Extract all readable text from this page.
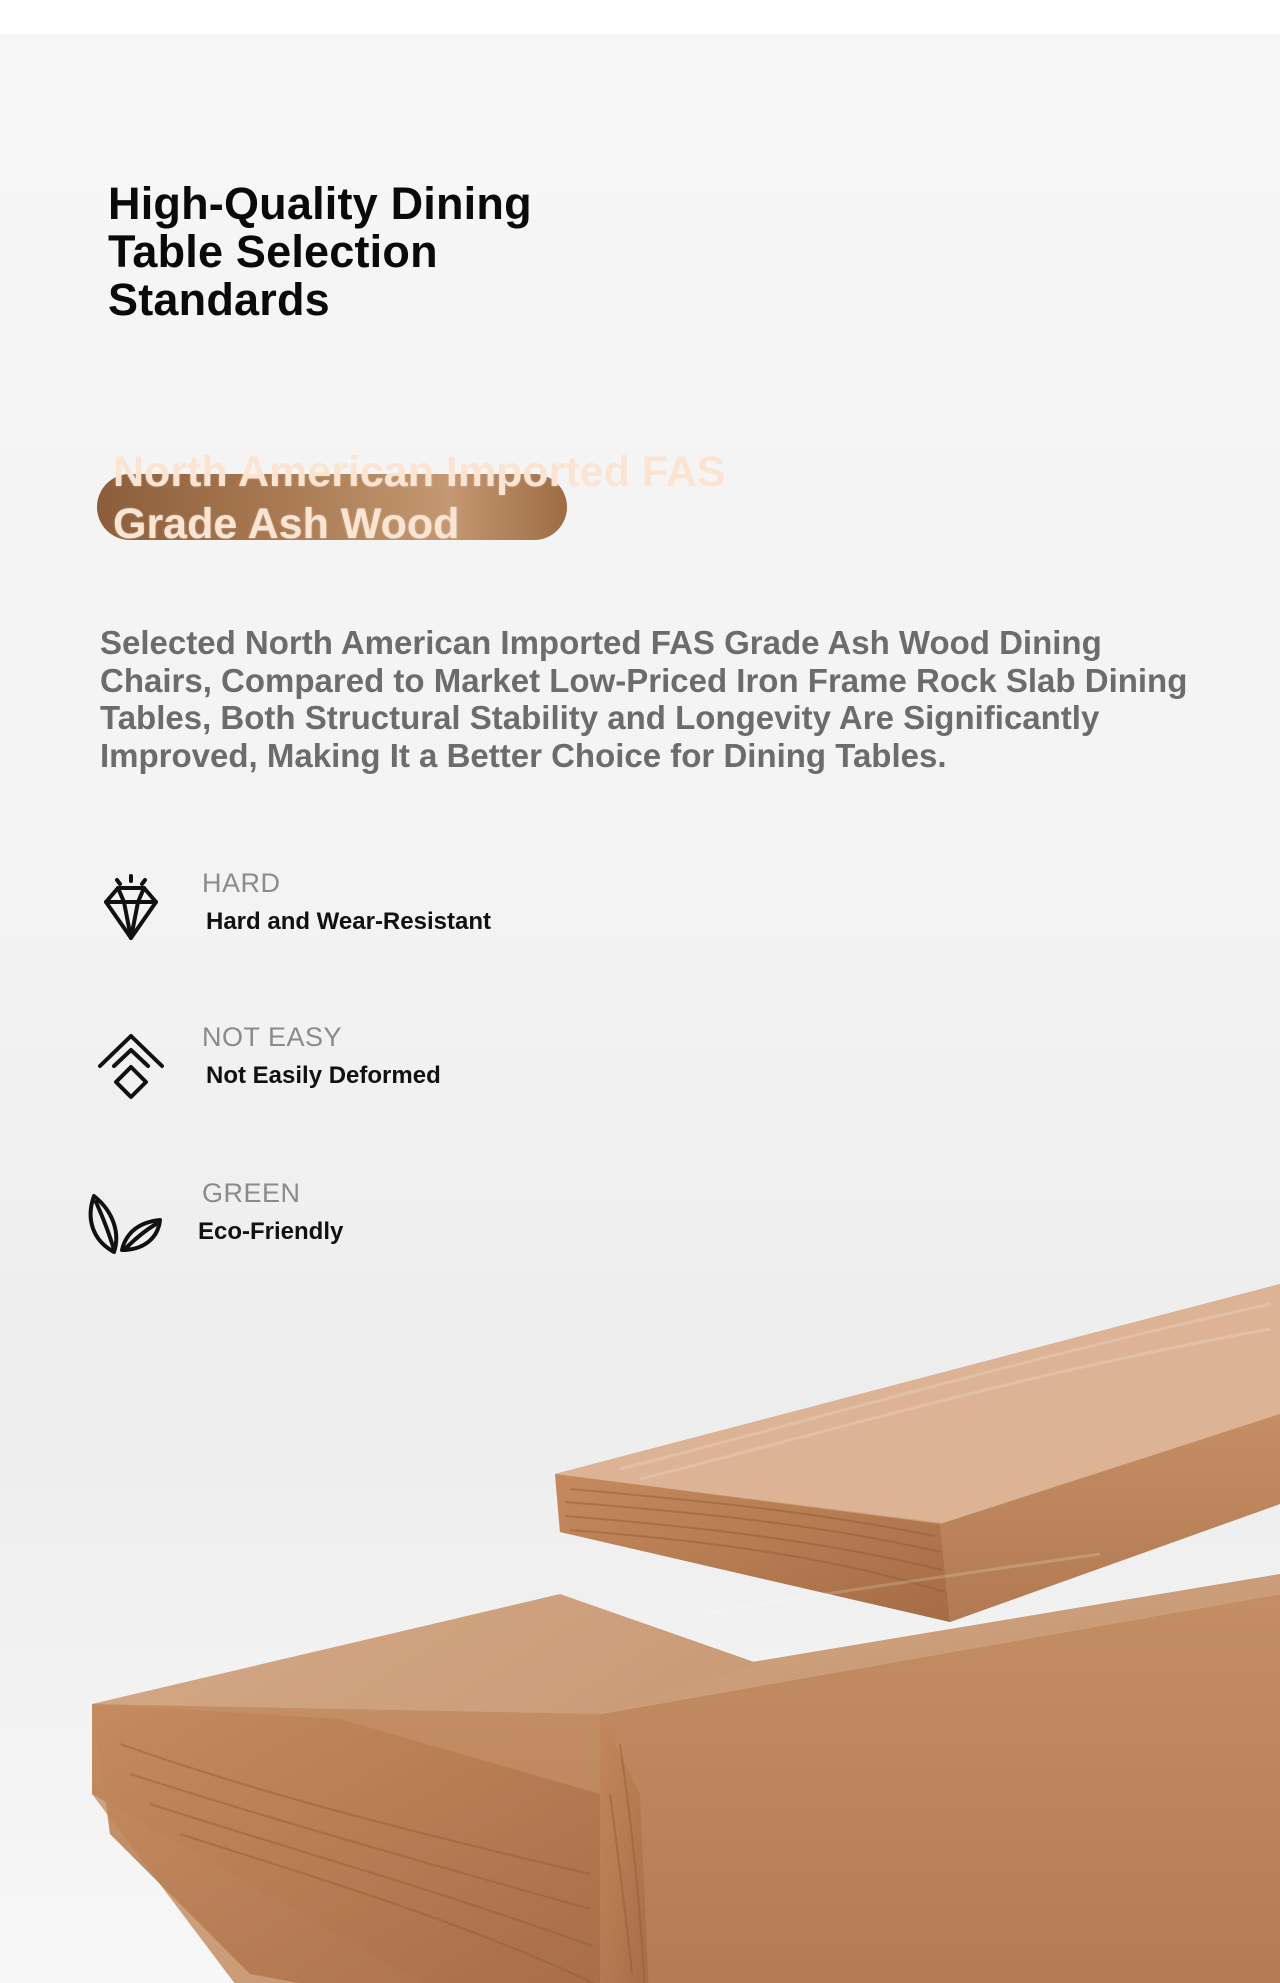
High-Quality Dining Table Selection Standards

North American Imported FAS Grade Ash Wood

Selected North American Imported FAS Grade Ash Wood Dining Chairs, Compared to Market Low-Priced Iron Frame Rock Slab Dining Tables, Both Structural Stability and Longevity Are Significantly Improved, Making It a Better Choice for Dining Tables.

HARD
Hard and Wear-Resistant
NOT EASY
Not Easily Deformed
GREEN
Eco-Friendly
